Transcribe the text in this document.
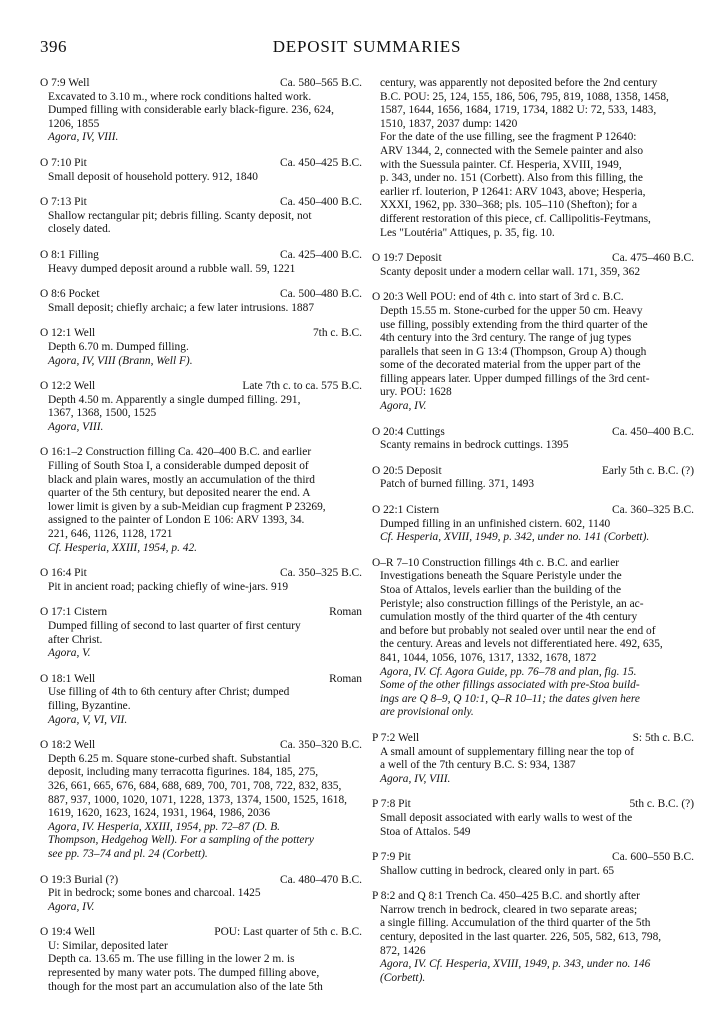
396	DEPOSIT SUMMARIES
O 7:9 Well	Ca. 580–565 B.C.
Excavated to 3.10 m., where rock conditions halted work.
Dumped filling with considerable early black-figure. 236, 624,
1206, 1855
Agora, IV, VIII.
O 7:10 Pit	Ca. 450–425 B.C.
Small deposit of household pottery. 912, 1840
O 7:13 Pit	Ca. 450–400 B.C.
Shallow rectangular pit; debris filling. Scanty deposit, not
closely dated.
O 8:1 Filling	Ca. 425–400 B.C.
Heavy dumped deposit around a rubble wall. 59, 1221
O 8:6 Pocket	Ca. 500–480 B.C.
Small deposit; chiefly archaic; a few later intrusions. 1887
O 12:1 Well	7th c. B.C.
Depth 6.70 m. Dumped filling.
Agora, IV, VIII (Brann, Well F).
O 12:2 Well	Late 7th c. to ca. 575 B.C.
Depth 4.50 m. Apparently a single dumped filling. 291,
1367, 1368, 1500, 1525
Agora, VIII.
O 16:1–2 Construction filling Ca. 420–400 B.C. and earlier
Filling of South Stoa I, a considerable dumped deposit of
black and plain wares, mostly an accumulation of the third
quarter of the 5th century, but deposited nearer the end. A
lower limit is given by a sub-Meidian cup fragment P 23269,
assigned to the painter of London E 106: ARV 1393, 34.
221, 646, 1126, 1128, 1721
Cf. Hesperia, XXIII, 1954, p. 42.
O 16:4 Pit	Ca. 350–325 B.C.
Pit in ancient road; packing chiefly of wine-jars. 919
O 17:1 Cistern	Roman
Dumped filling of second to last quarter of first century
after Christ.
Agora, V.
O 18:1 Well	Roman
Use filling of 4th to 6th century after Christ; dumped
filling, Byzantine.
Agora, V, VI, VII.
O 18:2 Well	Ca. 350–320 B.C.
Depth 6.25 m. Square stone-curbed shaft. Substantial
deposit, including many terracotta figurines. 184, 185, 275,
326, 661, 665, 676, 684, 688, 689, 700, 701, 708, 722, 832, 835,
887, 937, 1000, 1020, 1071, 1228, 1373, 1374, 1500, 1525, 1618,
1619, 1620, 1623, 1624, 1931, 1964, 1986, 2036
Agora, IV. Hesperia, XXIII, 1954, pp. 72–87 (D. B.
Thompson, Hedgehog Well). For a sampling of the pottery
see pp. 73–74 and pl. 24 (Corbett).
O 19:3 Burial (?)	Ca. 480–470 B.C.
Pit in bedrock; some bones and charcoal. 1425
Agora, IV.
O 19:4 Well	POU: Last quarter of 5th c. B.C.
U: Similar, deposited later
Depth ca. 13.65 m. The use filling in the lower 2 m. is
represented by many water pots. The dumped filling above,
though for the most part an accumulation also of the late 5th
century, was apparently not deposited before the 2nd century
B.C. POU: 25, 124, 155, 186, 506, 795, 819, 1088, 1358, 1458,
1587, 1644, 1656, 1684, 1719, 1734, 1882 U: 72, 533, 1483,
1510, 1837, 2037 dump: 1420
For the date of the use filling, see the fragment P 12640:
ARV 1344, 2, connected with the Semele painter and also
with the Suessula painter. Cf. Hesperia, XVIII, 1949,
p. 343, under no. 151 (Corbett). Also from this filling, the
earlier rf. louterion, P 12641: ARV 1043, above; Hesperia,
XXXI, 1962, pp. 330–368; pls. 105–110 (Shefton); for a
different restoration of this piece, cf. Callipolitis-Feytmans,
Les "Loutéria" Attiques, p. 35, fig. 10.
O 19:7 Deposit	Ca. 475–460 B.C.
Scanty deposit under a modern cellar wall. 171, 359, 362
O 20:3 Well POU: end of 4th c. into start of 3rd c. B.C.
Depth 15.55 m. Stone-curbed for the upper 50 cm. Heavy
use filling, possibly extending from the third quarter of the
4th century into the 3rd century. The range of jug types
parallels that seen in G 13:4 (Thompson, Group A) though
some of the decorated material from the upper part of the
filling appears later. Upper dumped fillings of the 3rd cent-
ury. POU: 1628
Agora, IV.
O 20:4 Cuttings	Ca. 450–400 B.C.
Scanty remains in bedrock cuttings. 1395
O 20:5 Deposit	Early 5th c. B.C. (?)
Patch of burned filling. 371, 1493
O 22:1 Cistern	Ca. 360–325 B.C.
Dumped filling in an unfinished cistern. 602, 1140
Cf. Hesperia, XVIII, 1949, p. 342, under no. 141 (Corbett).
O–R 7–10 Construction fillings 4th c. B.C. and earlier
Investigations beneath the Square Peristyle under the
Stoa of Attalos, levels earlier than the building of the
Peristyle; also construction fillings of the Peristyle, an ac-
cumulation mostly of the third quarter of the 4th century
and before but probably not sealed over until near the end of
the century. Areas and levels not differentiated here. 492, 635,
841, 1044, 1056, 1076, 1317, 1332, 1678, 1872
Agora, IV. Cf. Agora Guide, pp. 76–78 and plan, fig. 15.
Some of the other fillings associated with pre-Stoa build-
ings are Q 8–9, Q 10:1, Q–R 10–11; the dates given here
are provisional only.
P 7:2 Well	S: 5th c. B.C.
A small amount of supplementary filling near the top of
a well of the 7th century B.C. S: 934, 1387
Agora, IV, VIII.
P 7:8 Pit	5th c. B.C. (?)
Small deposit associated with early walls to west of the
Stoa of Attalos. 549
P 7:9 Pit	Ca. 600–550 B.C.
Shallow cutting in bedrock, cleared only in part. 65
P 8:2 and Q 8:1 Trench Ca. 450–425 B.C. and shortly after
Narrow trench in bedrock, cleared in two separate areas;
a single filling. Accumulation of the third quarter of the 5th
century, deposited in the last quarter. 226, 505, 582, 613, 798,
872, 1426
Agora, IV. Cf. Hesperia, XVIII, 1949, p. 343, under no. 146
(Corbett).
